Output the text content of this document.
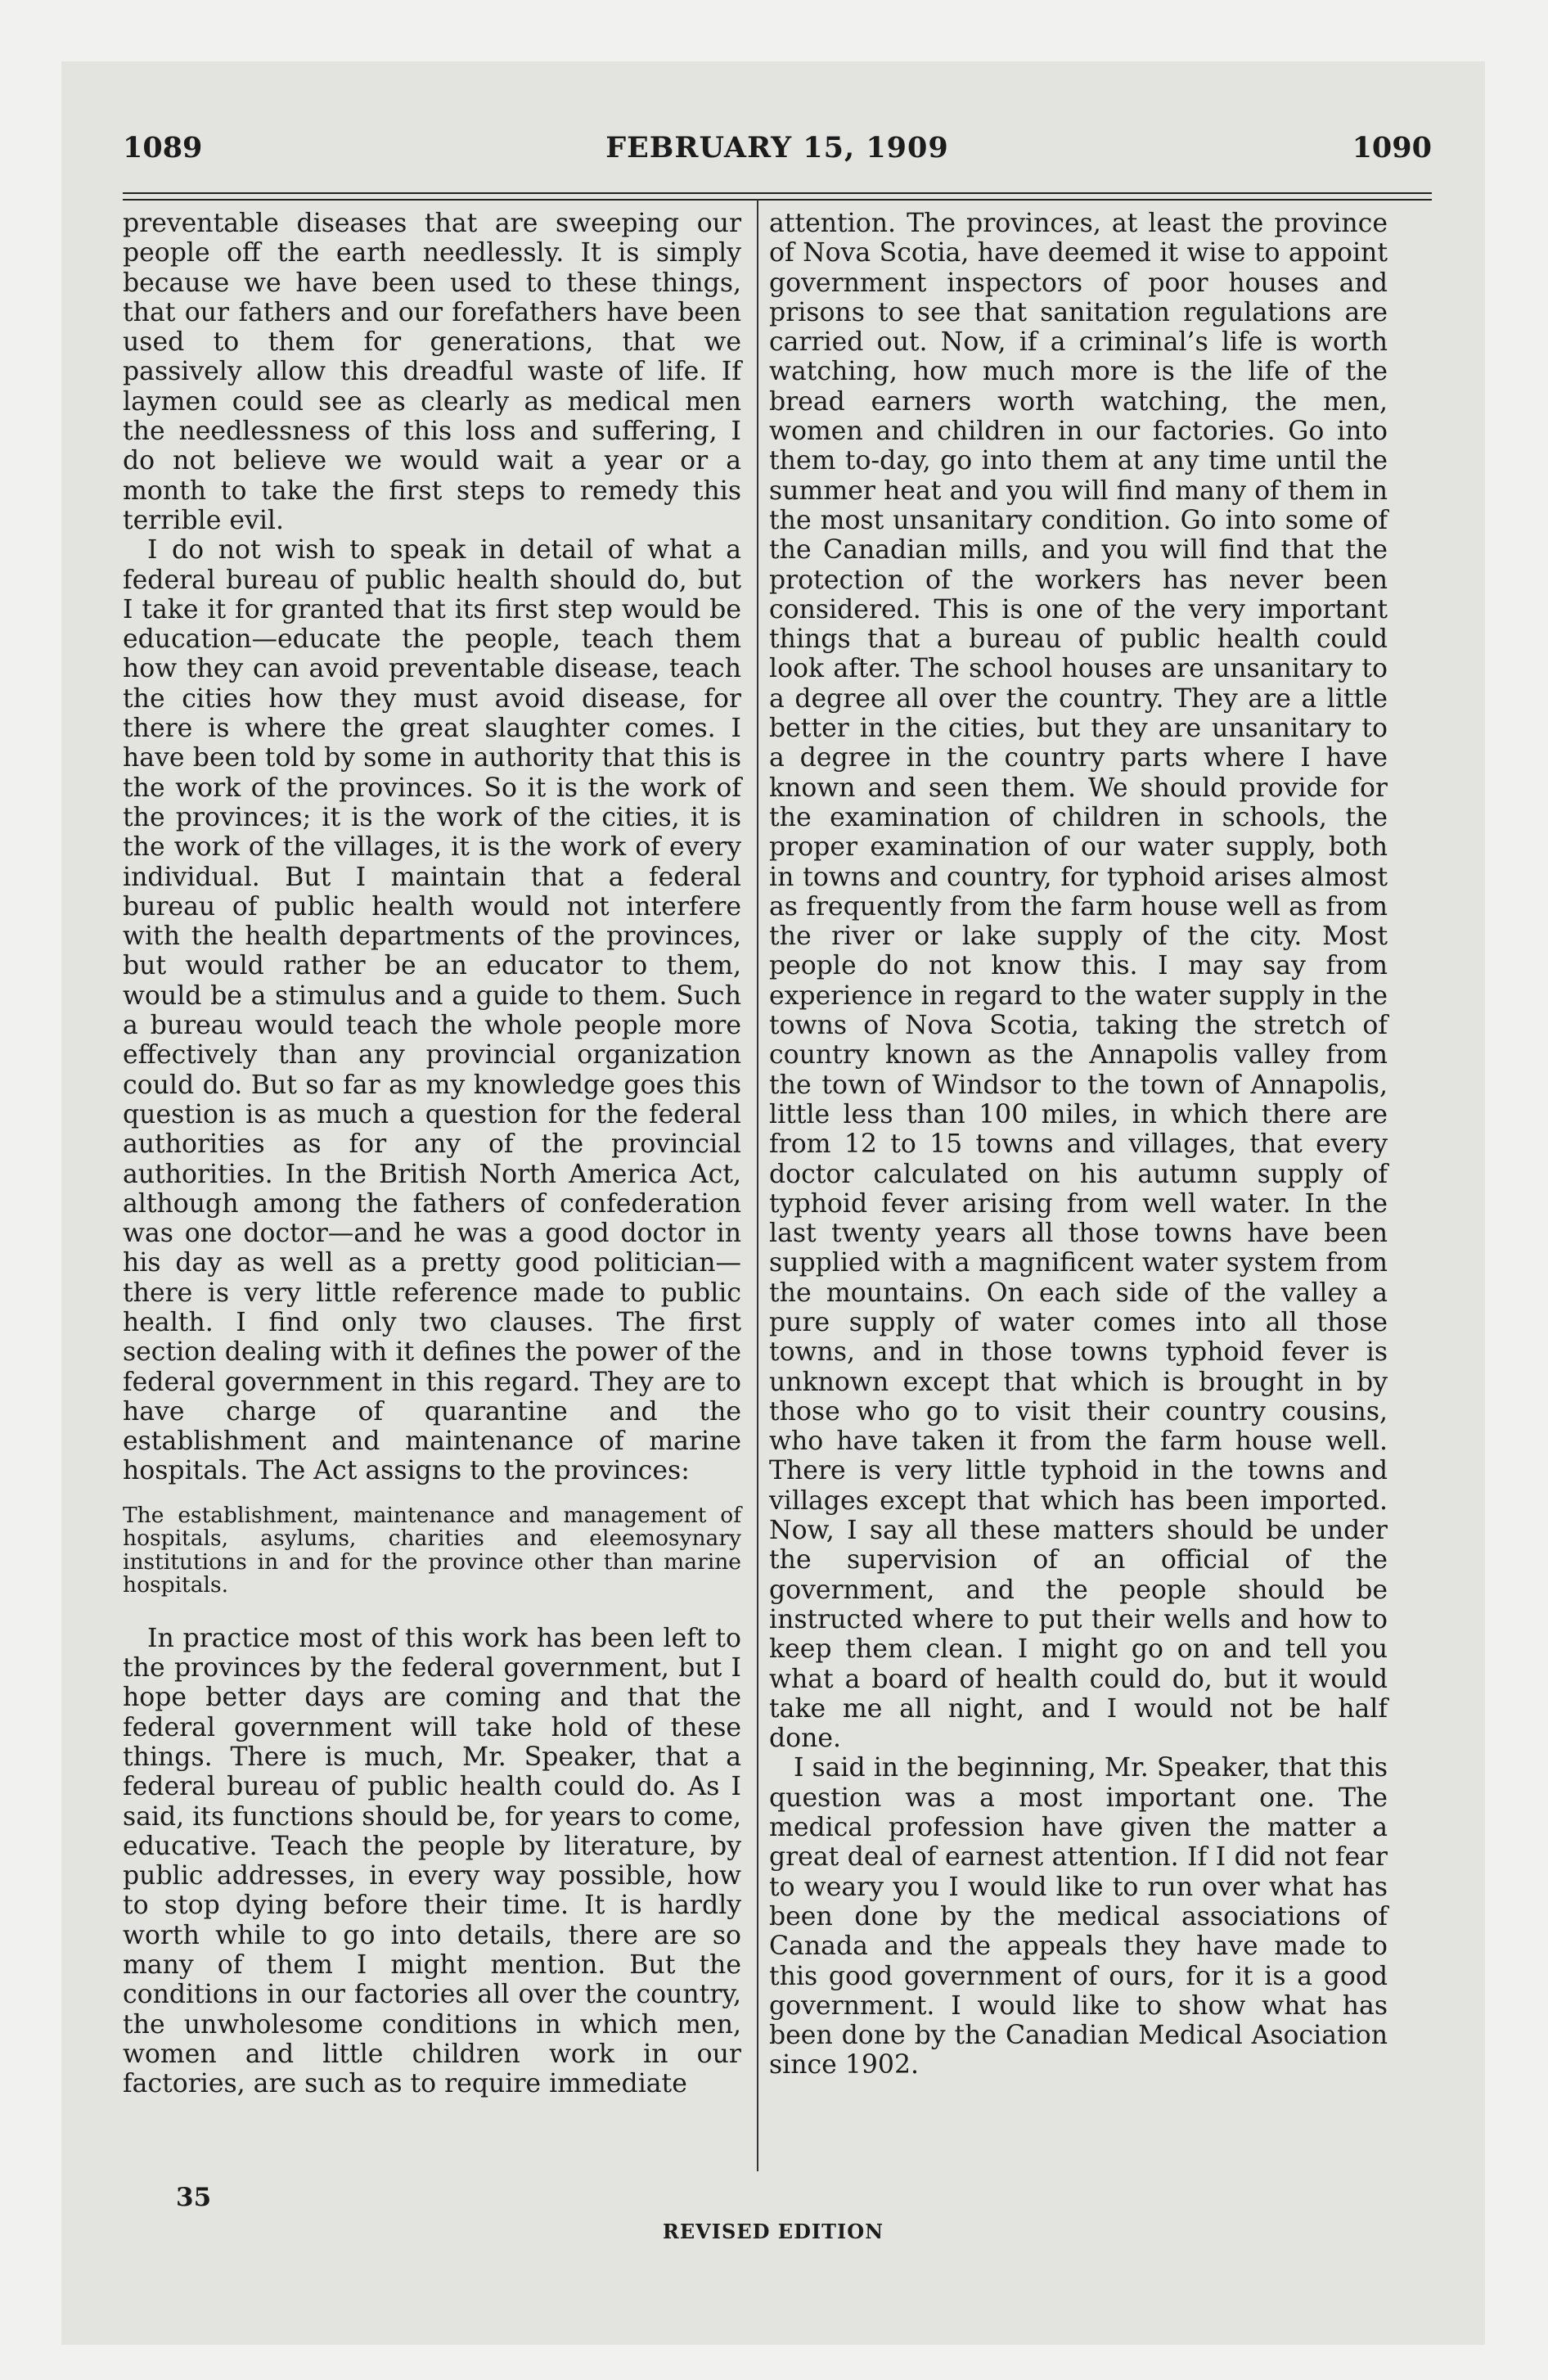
FEBRUARY 15, 1909
1089	1090

preventable diseases that are sweeping our people off the earth needlessly. It is simply because we have been used to these things, that our fathers and our forefathers have been used to them for generations, that we passively allow this dreadful waste of life. If laymen could see as clearly as medical men the needlessness of this loss and suffering, I do not believe we would wait a year or a month to take the first steps to remedy this terrible evil.

I do not wish to speak in detail of what a federal bureau of public health should do, but I take it for granted that its first step would be education—educate the people, teach them how they can avoid preventable disease, teach the cities how they must avoid disease, for there is where the great slaughter comes. I have been told by some in authority that this is the work of the provinces. So it is the work of the provinces; it is the work of the cities, it is the work of the villages, it is the work of every individual. But I maintain that a federal bureau of public health would not interfere with the health departments of the provinces, but would rather be an educator to them, would be a stimulus and a guide to them. Such a bureau would teach the whole people more effectively than any provincial organization could do. But so far as my knowledge goes this question is as much a question for the federal authorities as for any of the provincial authorities. In the British North America Act, although among the fathers of confederation was one doctor—and he was a good doctor in his day as well as a pretty good politician—there is very little reference made to public health. I find only two clauses. The first section dealing with it defines the power of the federal government in this regard. They are to have charge of quarantine and the establishment and maintenance of marine hospitals. The Act assigns to the provinces:

The establishment, maintenance and management of hospitals, asylums, charities and eleemosynary institutions in and for the province other than marine hospitals.

In practice most of this work has been left to the provinces by the federal government, but I hope better days are coming and that the federal government will take hold of these things. There is much, Mr. Speaker, that a federal bureau of public health could do. As I said, its functions should be, for years to come, educative. Teach the people by literature, by public addresses, in every way possible, how to stop dying before their time. It is hardly worth while to go into details, there are so many of them I might mention. But the conditions in our factories all over the country, the unwholesome conditions in which men, women and little children work in our factories, are such as to require immediate

attention. The provinces, at least the province of Nova Scotia, have deemed it wise to appoint government inspectors of poor houses and prisons to see that sanitation regulations are carried out. Now, if a criminal’s life is worth watching, how much more is the life of the bread earners worth watching, the men, women and children in our factories. Go into them to-day, go into them at any time until the summer heat and you will find many of them in the most unsanitary condition. Go into some of the Canadian mills, and you will find that the protection of the workers has never been considered. This is one of the very important things that a bureau of public health could look after. The school houses are unsanitary to a degree all over the country. They are a little better in the cities, but they are unsanitary to a degree in the country parts where I have known and seen them. We should provide for the examination of children in schools, the proper examination of our water supply, both in towns and country, for typhoid arises almost as frequently from the farm house well as from the river or lake supply of the city. Most people do not know this. I may say from experience in regard to the water supply in the towns of Nova Scotia, taking the stretch of country known as the Annapolis valley from the town of Windsor to the town of Annapolis, little less than 100 miles, in which there are from 12 to 15 towns and villages, that every doctor calculated on his autumn supply of typhoid fever arising from well water. In the last twenty years all those towns have been supplied with a magnificent water system from the mountains. On each side of the valley a pure supply of water comes into all those towns, and in those towns typhoid fever is unknown except that which is brought in by those who go to visit their country cousins, who have taken it from the farm house well. There is very little typhoid in the towns and villages except that which has been imported. Now, I say all these matters should be under the supervision of an official of the government, and the people should be instructed where to put their wells and how to keep them clean. I might go on and tell you what a board of health could do, but it would take me all night, and I would not be half done.

I said in the beginning, Mr. Speaker, that this question was a most important one. The medical profession have given the matter a great deal of earnest attention. If I did not fear to weary you I would like to run over what has been done by the medical associations of Canada and the appeals they have made to this good government of ours, for it is a good government. I would like to show what has been done by the Canadian Medical Asociation since 1902.

35
REVISED EDITION
